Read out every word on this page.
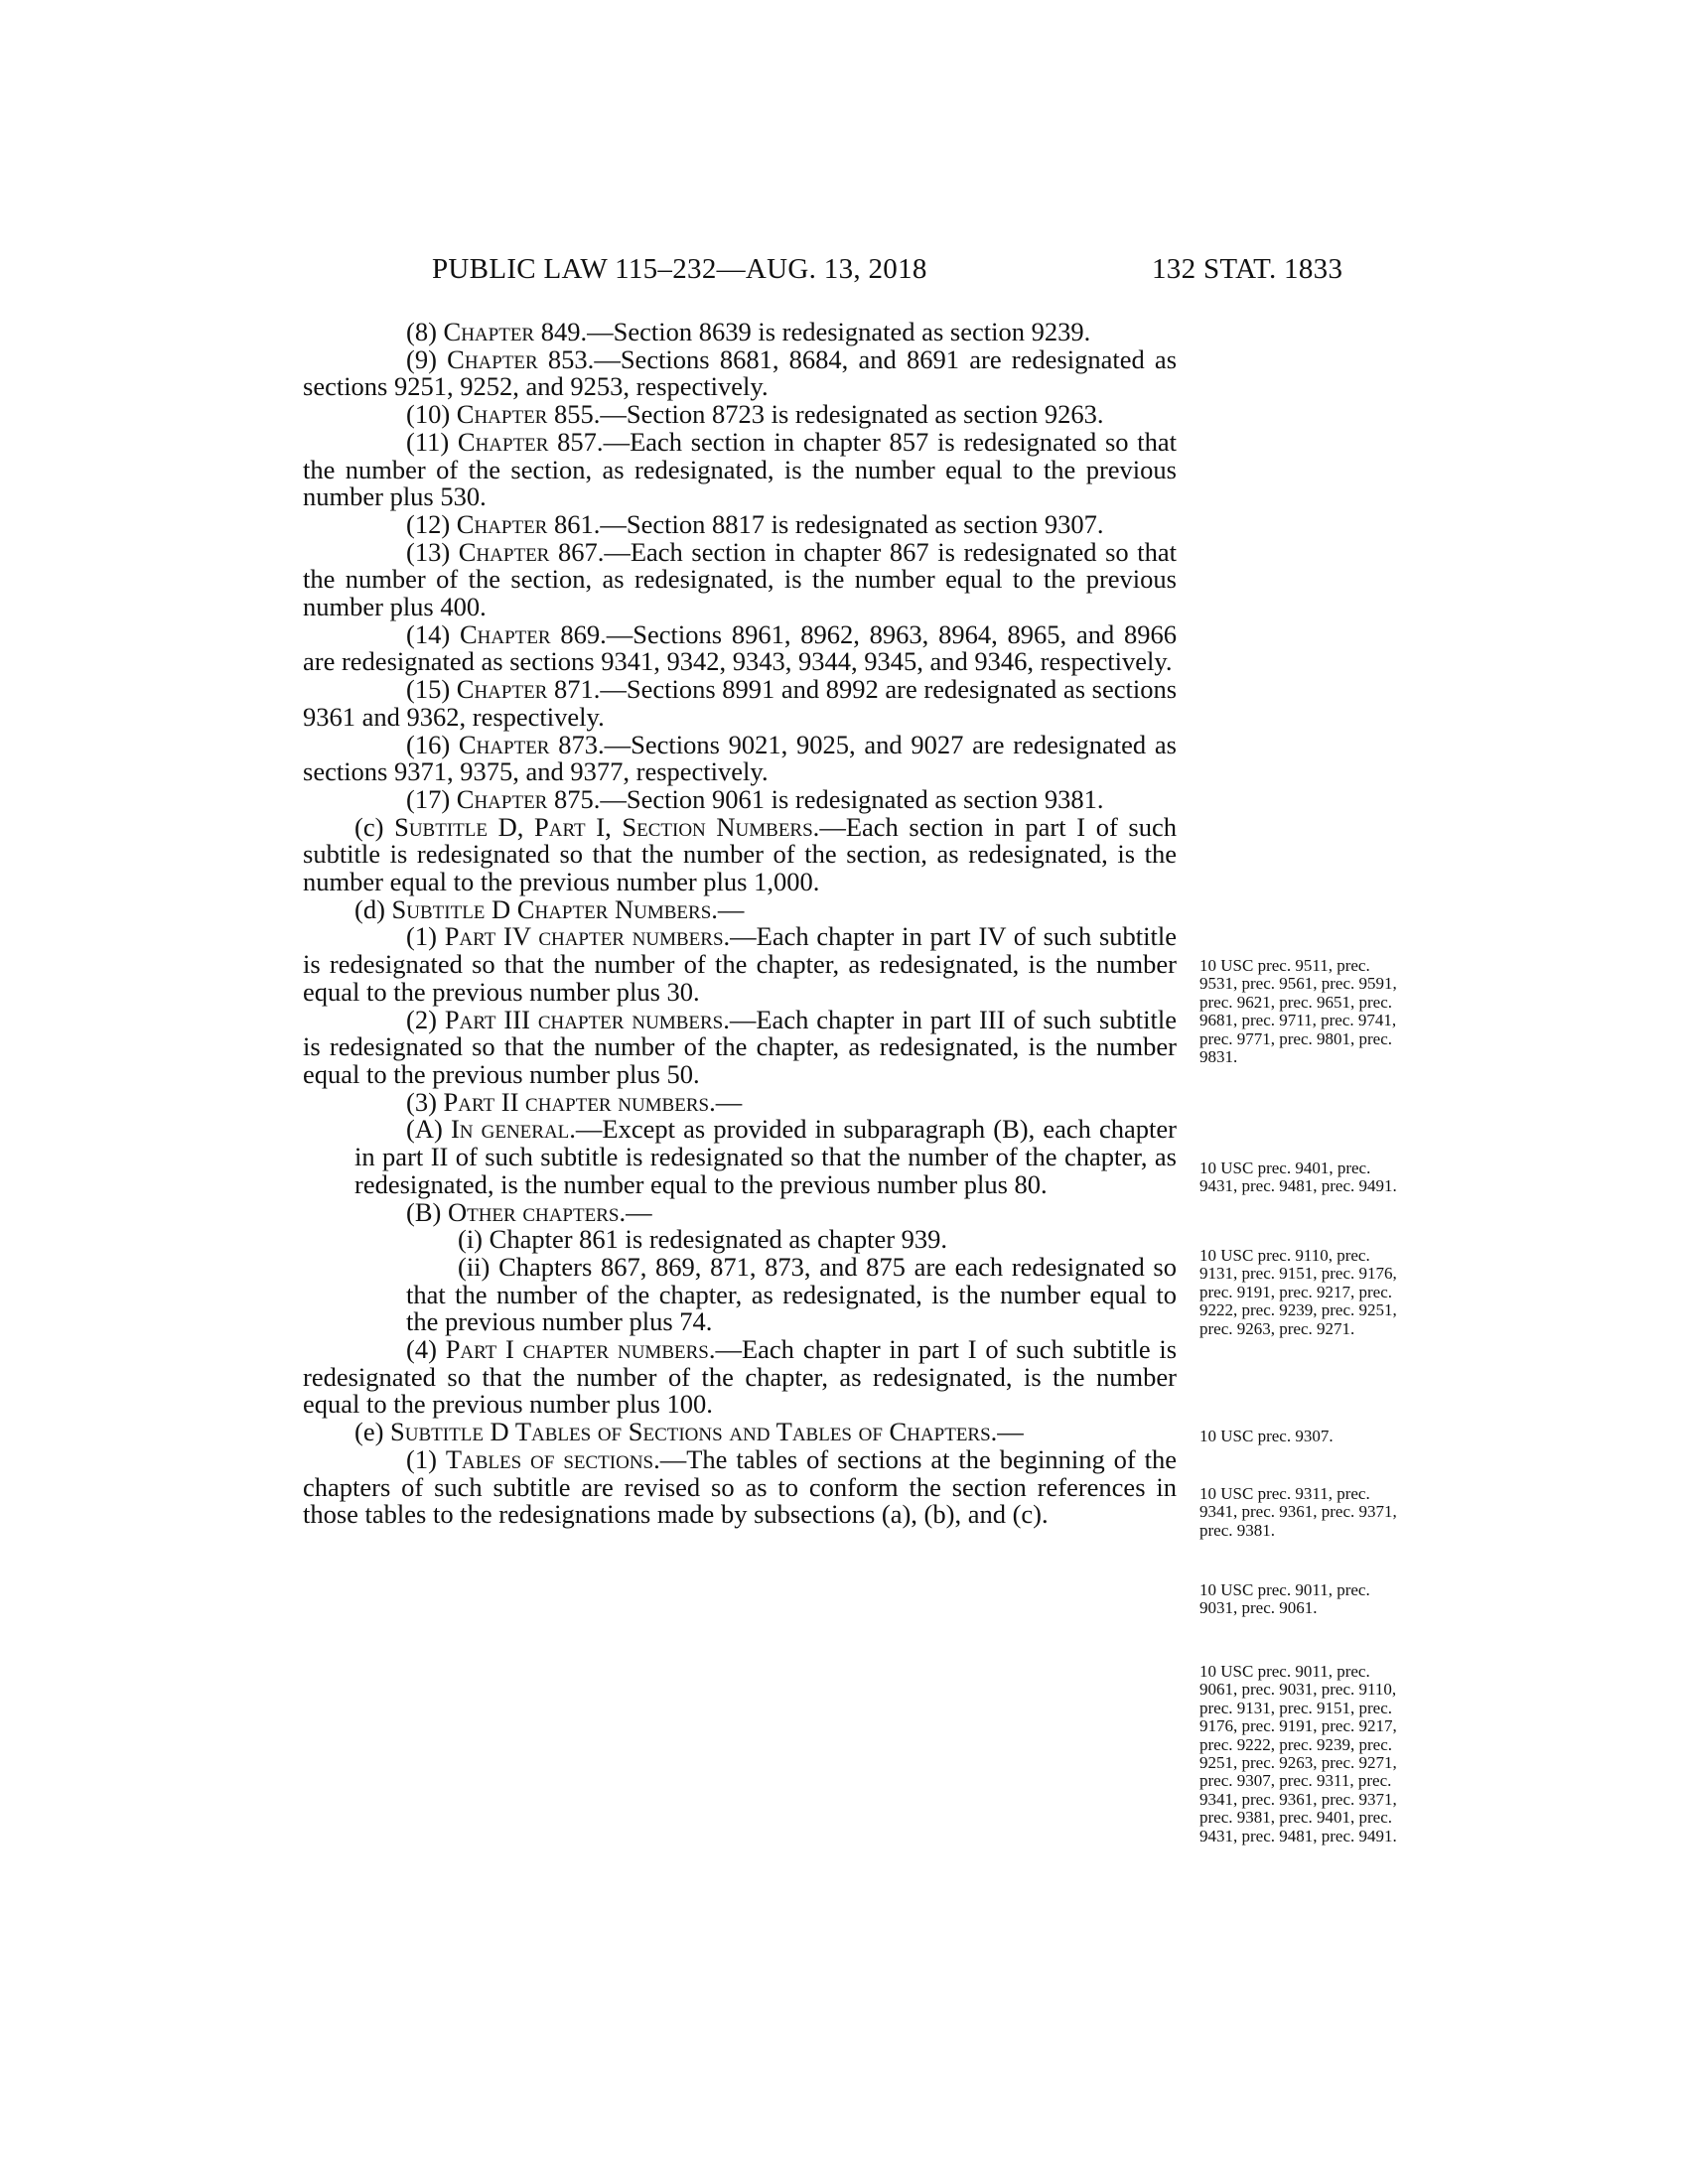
PUBLIC LAW 115–232—AUG. 13, 2018	132 STAT. 1833

(8) Chapter 849.—Section 8639 is redesignated as section 9239.

(9) Chapter 853.—Sections 8681, 8684, and 8691 are redesignated as sections 9251, 9252, and 9253, respectively.

(10) Chapter 855.—Section 8723 is redesignated as section 9263.

(11) Chapter 857.—Each section in chapter 857 is redesignated so that the number of the section, as redesignated, is the number equal to the previous number plus 530.

(12) Chapter 861.—Section 8817 is redesignated as section 9307.

(13) Chapter 867.—Each section in chapter 867 is redesignated so that the number of the section, as redesignated, is the number equal to the previous number plus 400.

(14) Chapter 869.—Sections 8961, 8962, 8963, 8964, 8965, and 8966 are redesignated as sections 9341, 9342, 9343, 9344, 9345, and 9346, respectively.

(15) Chapter 871.—Sections 8991 and 8992 are redesignated as sections 9361 and 9362, respectively.

(16) Chapter 873.—Sections 9021, 9025, and 9027 are redesignated as sections 9371, 9375, and 9377, respectively.

(17) Chapter 875.—Section 9061 is redesignated as section 9381.

(c) Subtitle D, Part I, Section Numbers.—Each section in part I of such subtitle is redesignated so that the number of the section, as redesignated, is the number equal to the previous number plus 1,000.

(d) Subtitle D Chapter Numbers.—

(1) Part IV chapter numbers.—Each chapter in part IV of such subtitle is redesignated so that the number of the chapter, as redesignated, is the number equal to the previous number plus 30.

(2) Part III chapter numbers.—Each chapter in part III of such subtitle is redesignated so that the number of the chapter, as redesignated, is the number equal to the previous number plus 50.

(3) Part II chapter numbers.—

(A) In general.—Except as provided in subparagraph (B), each chapter in part II of such subtitle is redesignated so that the number of the chapter, as redesignated, is the number equal to the previous number plus 80.

(B) Other chapters.—

(i) Chapter 861 is redesignated as chapter 939.

(ii) Chapters 867, 869, 871, 873, and 875 are each redesignated so that the number of the chapter, as redesignated, is the number equal to the previous number plus 74.

(4) Part I chapter numbers.—Each chapter in part I of such subtitle is redesignated so that the number of the chapter, as redesignated, is the number equal to the previous number plus 100.

(e) Subtitle D Tables of Sections and Tables of Chapters.—

(1) Tables of sections.—The tables of sections at the beginning of the chapters of such subtitle are revised so as to conform the section references in those tables to the redesignations made by subsections (a), (b), and (c).

10 USC prec. 9511, prec. 9531, prec. 9561, prec. 9591, prec. 9621, prec. 9651, prec. 9681, prec. 9711, prec. 9741, prec. 9771, prec. 9801, prec. 9831.
10 USC prec. 9401, prec. 9431, prec. 9481, prec. 9491.
10 USC prec. 9110, prec. 9131, prec. 9151, prec. 9176, prec. 9191, prec. 9217, prec. 9222, prec. 9239, prec. 9251, prec. 9263, prec. 9271.
10 USC prec. 9307.
10 USC prec. 9311, prec. 9341, prec. 9361, prec. 9371, prec. 9381.
10 USC prec. 9011, prec. 9031, prec. 9061.
10 USC prec. 9011, prec. 9061, prec. 9031, prec. 9110, prec. 9131, prec. 9151, prec. 9176, prec. 9191, prec. 9217, prec. 9222, prec. 9239, prec. 9251, prec. 9263, prec. 9271, prec. 9307, prec. 9311, prec. 9341, prec. 9361, prec. 9371, prec. 9381, prec. 9401, prec. 9431, prec. 9481, prec. 9491.
